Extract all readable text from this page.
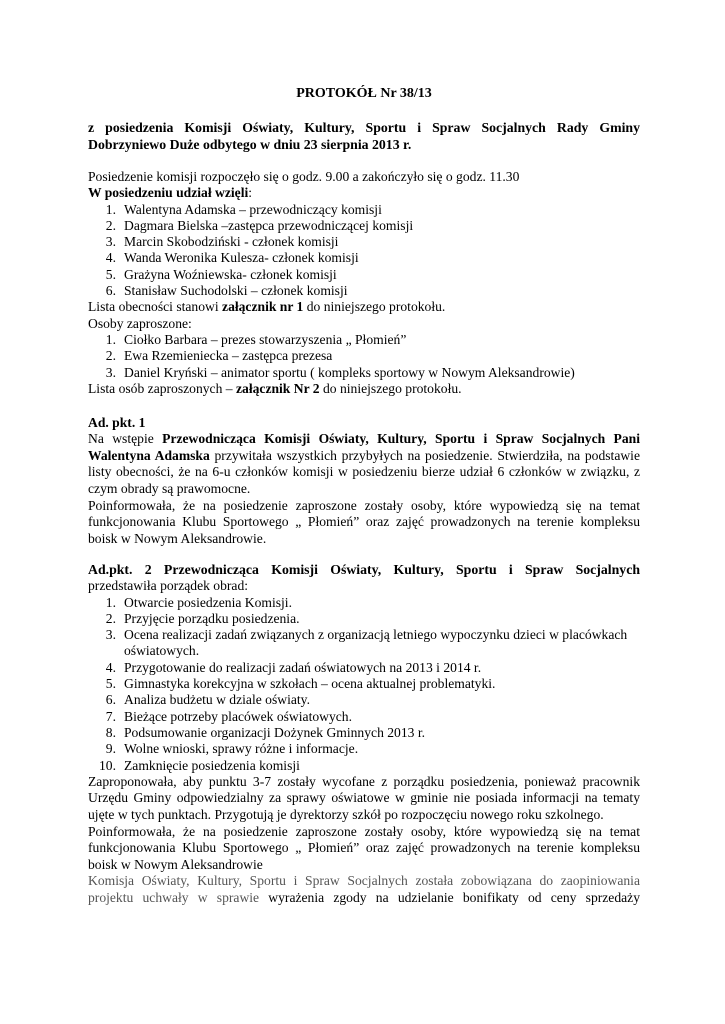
PROTOKÓŁ Nr 38/13
z posiedzenia Komisji Oświaty, Kultury, Sportu i Spraw Socjalnych Rady Gminy Dobrzyniewo Duże odbytego w dniu 23 sierpnia 2013 r.

Posiedzenie komisji rozpoczęło się o godz. 9.00 a zakończyło się o godz. 11.30

W posiedzeniu udział wzięli:

1. Walentyna Adamska – przewodniczący komisji
2. Dagmara Bielska –zastępca przewodniczącej komisji
3. Marcin Skobodziński - członek komisji
4. Wanda Weronika Kulesza- członek komisji
5. Grażyna Woźniewska- członek komisji
6. Stanisław Suchodolski – członek komisji

Lista obecności stanowi załącznik nr 1 do niniejszego protokołu.

Osoby zaproszone:

1. Ciołko Barbara – prezes stowarzyszenia „ Płomień”
2. Ewa Rzemieniecka – zastępca prezesa
3. Daniel Kryński – animator sportu ( kompleks sportowy w Nowym Aleksandrowie)

Lista osób zaproszonych – załącznik Nr 2 do niniejszego protokołu.

Ad. pkt. 1

Na wstępie Przewodnicząca Komisji Oświaty, Kultury, Sportu i Spraw Socjalnych Pani Walentyna Adamska przywitała wszystkich przybyłych na posiedzenie. Stwierdziła, na podstawie listy obecności, że na 6-u członków komisji w posiedzeniu bierze udział 6 członków w związku, z czym obrady są prawomocne.

Poinformowała, że na posiedzenie zaproszone zostały osoby, które wypowiedzą się na temat funkcjonowania Klubu Sportowego „ Płomień” oraz zajęć prowadzonych na terenie kompleksu boisk w Nowym Aleksandrowie.

Ad.pkt. 2 Przewodnicząca Komisji Oświaty, Kultury, Sportu i Spraw Socjalnych

przedstawiła porządek obrad:

1. Otwarcie posiedzenia Komisji.
2. Przyjęcie porządku posiedzenia.
3. Ocena realizacji zadań związanych z organizacją letniego wypoczynku dzieci w placówkach oświatowych.
4. Przygotowanie do realizacji zadań oświatowych na 2013 i 2014 r.
5. Gimnastyka korekcyjna w szkołach – ocena aktualnej problematyki.
6. Analiza budżetu w dziale oświaty.
7. Bieżące potrzeby placówek oświatowych.
8. Podsumowanie organizacji Dożynek Gminnych 2013 r.
9. Wolne wnioski, sprawy różne i informacje.
10. Zamknięcie posiedzenia komisji

Zaproponowała, aby punktu 3-7 zostały wycofane z porządku posiedzenia, ponieważ pracownik Urzędu Gminy odpowiedzialny za sprawy oświatowe w gminie nie posiada informacji na tematy ujęte w tych punktach. Przygotują je dyrektorzy szkół po rozpoczęciu nowego roku szkolnego.

Poinformowała, że na posiedzenie zaproszone zostały osoby, które wypowiedzą się na temat funkcjonowania Klubu Sportowego „ Płomień” oraz zajęć prowadzonych na terenie kompleksu boisk w Nowym Aleksandrowie

Komisja Oświaty, Kultury, Sportu i Spraw Socjalnych została zobowiązana do zaopiniowania projektu uchwały w sprawie wyrażenia zgody na udzielanie bonifikaty od ceny sprzedaży
